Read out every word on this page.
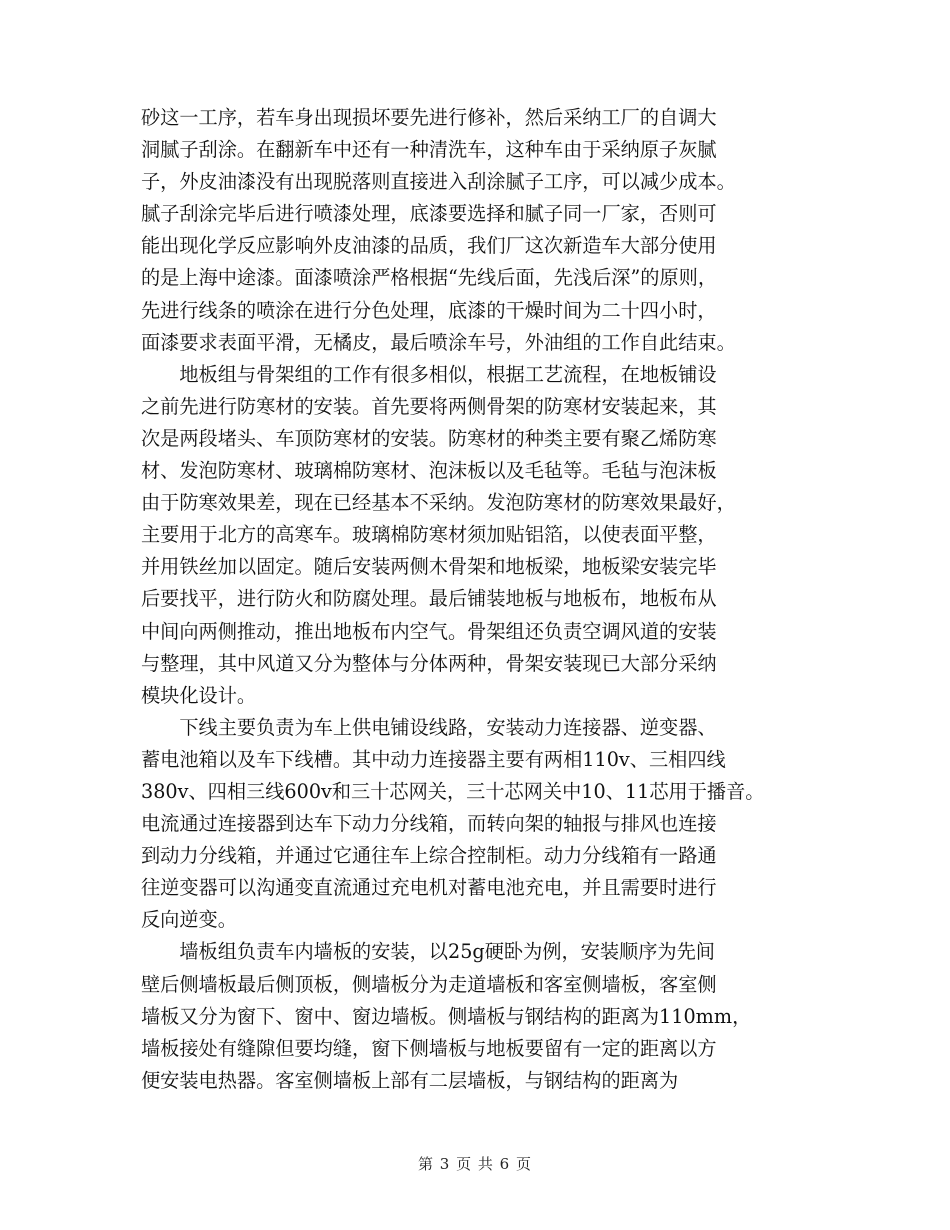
砂这一工序，若车身出现损坏要先进行修补，然后采纳工厂的自调大
洞腻子刮涂。在翻新车中还有一种清洗车，这种车由于采纳原子灰腻
子，外皮油漆没有出现脱落则直接进入刮涂腻子工序，可以减少成本。
腻子刮涂完毕后进行喷漆处理，底漆要选择和腻子同一厂家，否则可
能出现化学反应影响外皮油漆的品质，我们厂这次新造车大部分使用
的是上海中途漆。面漆喷涂严格根据“先线后面，先浅后深”的原则，
先进行线条的喷涂在进行分色处理，底漆的干燥时间为二十四小时，
面漆要求表面平滑，无橘皮，最后喷涂车号，外油组的工作自此结束。
　　地板组与骨架组的工作有很多相似，根据工艺流程，在地板铺设
之前先进行防寒材的安装。首先要将两侧骨架的防寒材安装起来，其
次是两段堵头、车顶防寒材的安装。防寒材的种类主要有聚乙烯防寒
材、发泡防寒材、玻璃棉防寒材、泡沫板以及毛毡等。毛毡与泡沫板
由于防寒效果差，现在已经基本不采纳。发泡防寒材的防寒效果最好，
主要用于北方的高寒车。玻璃棉防寒材须加贴铝箔，以使表面平整，
并用铁丝加以固定。随后安装两侧木骨架和地板梁，地板梁安装完毕
后要找平，进行防火和防腐处理。最后铺装地板与地板布，地板布从
中间向两侧推动，推出地板布内空气。骨架组还负责空调风道的安装
与整理，其中风道又分为整体与分体两种，骨架安装现已大部分采纳
模块化设计。
　　下线主要负责为车上供电铺设线路，安装动力连接器、逆变器、
蓄电池箱以及车下线槽。其中动力连接器主要有两相110v、三相四线
380v、四相三线600v和三十芯网关，三十芯网关中10、11芯用于播音。
电流通过连接器到达车下动力分线箱，而转向架的轴报与排风也连接
到动力分线箱，并通过它通往车上综合控制柜。动力分线箱有一路通
往逆变器可以沟通变直流通过充电机对蓄电池充电，并且需要时进行
反向逆变。
　　墙板组负责车内墙板的安装，以25g硬卧为例，安装顺序为先间
壁后侧墙板最后侧顶板，侧墙板分为走道墙板和客室侧墙板，客室侧
墙板又分为窗下、窗中、窗边墙板。侧墙板与钢结构的距离为110mm，
墙板接处有缝隙但要均缝，窗下侧墙板与地板要留有一定的距离以方
便安装电热器。客室侧墙板上部有二层墙板，与钢结构的距离为
第 3 页 共 6 页
